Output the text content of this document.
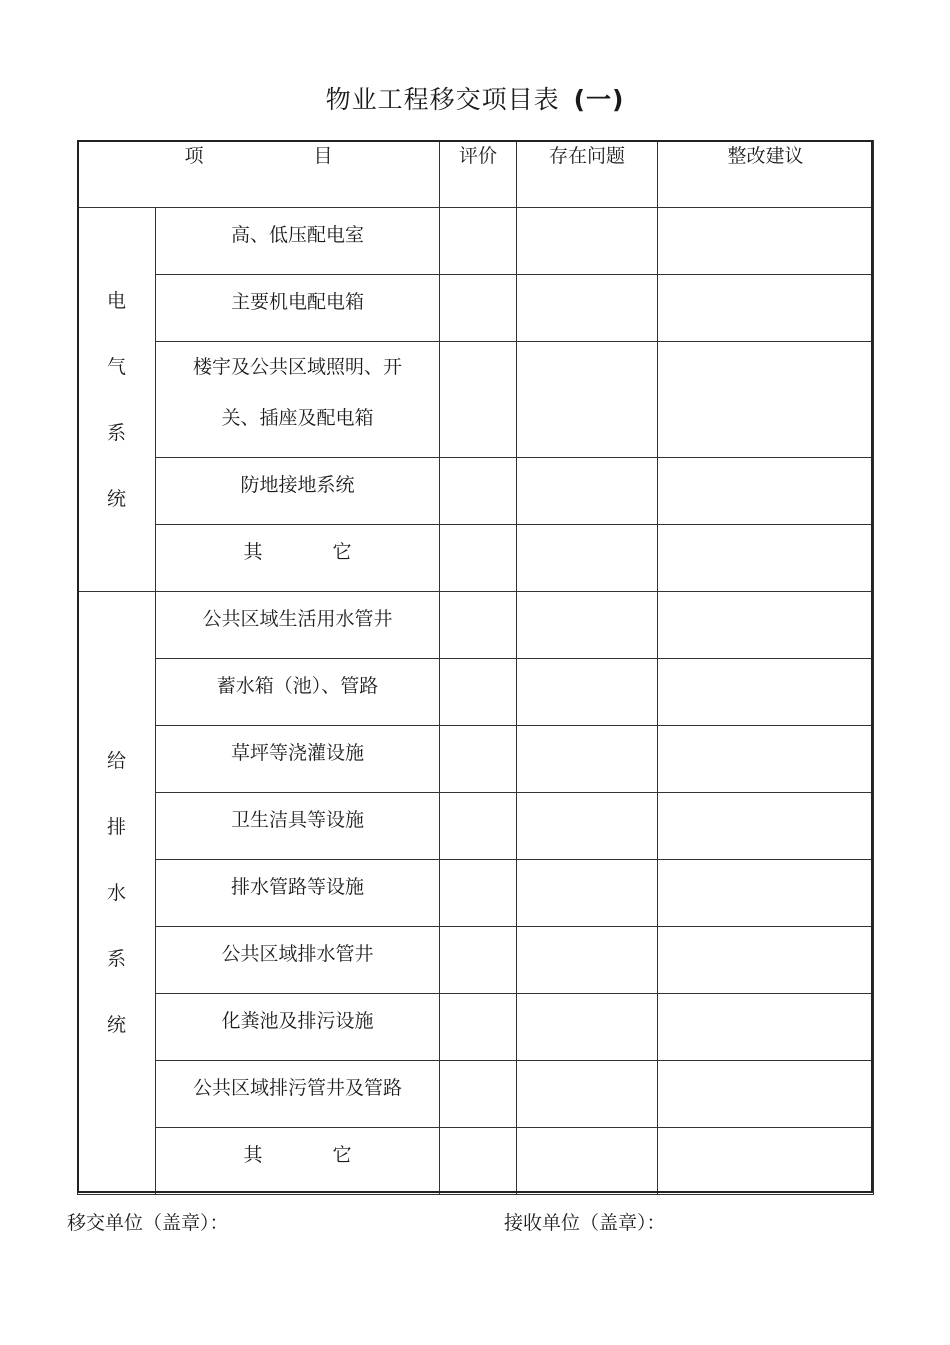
物业工程移交项目表 (一)
项 目		评价	存在问题	整改建议

电
气
系
统	高、低压配电室			
	主要机电配电箱			

	楼宇及公共区域照明、开
关、插座及配电箱			

	防地接地系统			
	其 它			

给
排
水
系
统	公共区域生活用水管井			
	蓄水箱（池）、管路			
	草坪等浇灌设施			
	卫生洁具等设施			
	排水管路等设施			
	公共区域排水管井			
	化粪池及排污设施			
	公共区域排污管井及管路			
	其 它			
移交单位（盖章）：	接收单位（盖章）：
